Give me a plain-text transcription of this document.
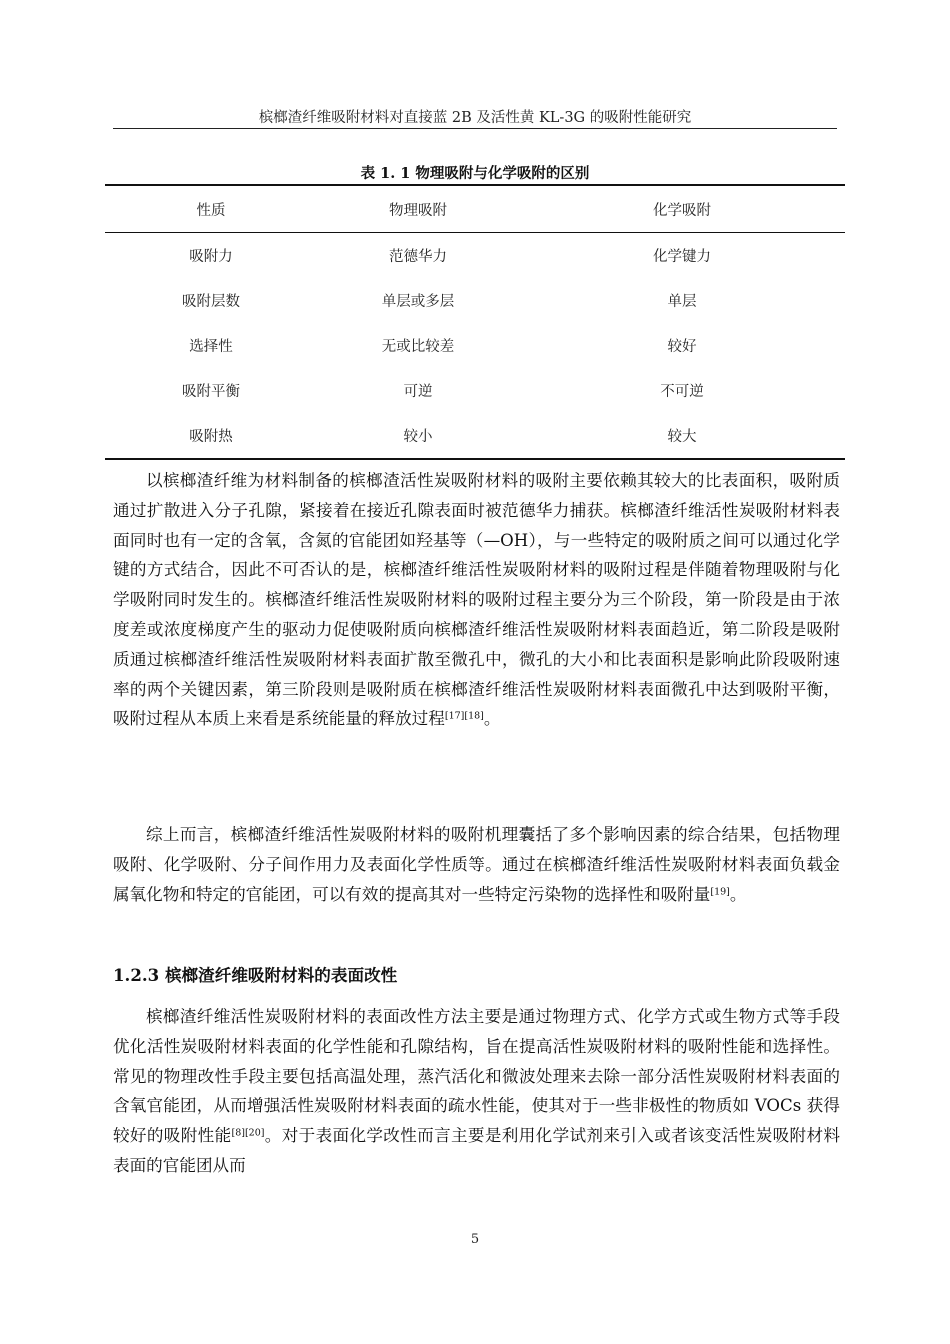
槟榔渣纤维吸附材料对直接蓝 2B 及活性黄 KL-3G 的吸附性能研究
表 1. 1 物理吸附与化学吸附的区别
性质	物理吸附	化学吸附
吸附力	范德华力	化学键力
吸附层数	单层或多层	单层
选择性	无或比较差	较好
吸附平衡	可逆	不可逆
吸附热	较小	较大

以槟榔渣纤维为材料制备的槟榔渣活性炭吸附材料的吸附主要依赖其较大的比表面积，吸附质通过扩散进入分子孔隙，紧接着在接近孔隙表面时被范德华力捕获。槟榔渣纤维活性炭吸附材料表面同时也有一定的含氧，含氮的官能团如羟基等（—OH），与一些特定的吸附质之间可以通过化学键的方式结合，因此不可否认的是，槟榔渣纤维活性炭吸附材料的吸附过程是伴随着物理吸附与化学吸附同时发生的。槟榔渣纤维活性炭吸附材料的吸附过程主要分为三个阶段，第一阶段是由于浓度差或浓度梯度产生的驱动力促使吸附质向槟榔渣纤维活性炭吸附材料表面趋近，第二阶段是吸附质通过槟榔渣纤维活性炭吸附材料表面扩散至微孔中，微孔的大小和比表面积是影响此阶段吸附速率的两个关键因素，第三阶段则是吸附质在槟榔渣纤维活性炭吸附材料表面微孔中达到吸附平衡，吸附过程从本质上来看是系统能量的释放过程[17][18]。

综上而言，槟榔渣纤维活性炭吸附材料的吸附机理囊括了多个影响因素的综合结果，包括物理吸附、化学吸附、分子间作用力及表面化学性质等。通过在槟榔渣纤维活性炭吸附材料表面负载金属氧化物和特定的官能团，可以有效的提高其对一些特定污染物的选择性和吸附量[19]。

1.2.3 槟榔渣纤维吸附材料的表面改性

槟榔渣纤维活性炭吸附材料的表面改性方法主要是通过物理方式、化学方式或生物方式等手段优化活性炭吸附材料表面的化学性能和孔隙结构，旨在提高活性炭吸附材料的吸附性能和选择性。常见的物理改性手段主要包括高温处理，蒸汽活化和微波处理来去除一部分活性炭吸附材料表面的含氧官能团，从而增强活性炭吸附材料表面的疏水性能，使其对于一些非极性的物质如 VOCs 获得较好的吸附性能[8][20]。对于表面化学改性而言主要是利用化学试剂来引入或者该变活性炭吸附材料表面的官能团从而

5
